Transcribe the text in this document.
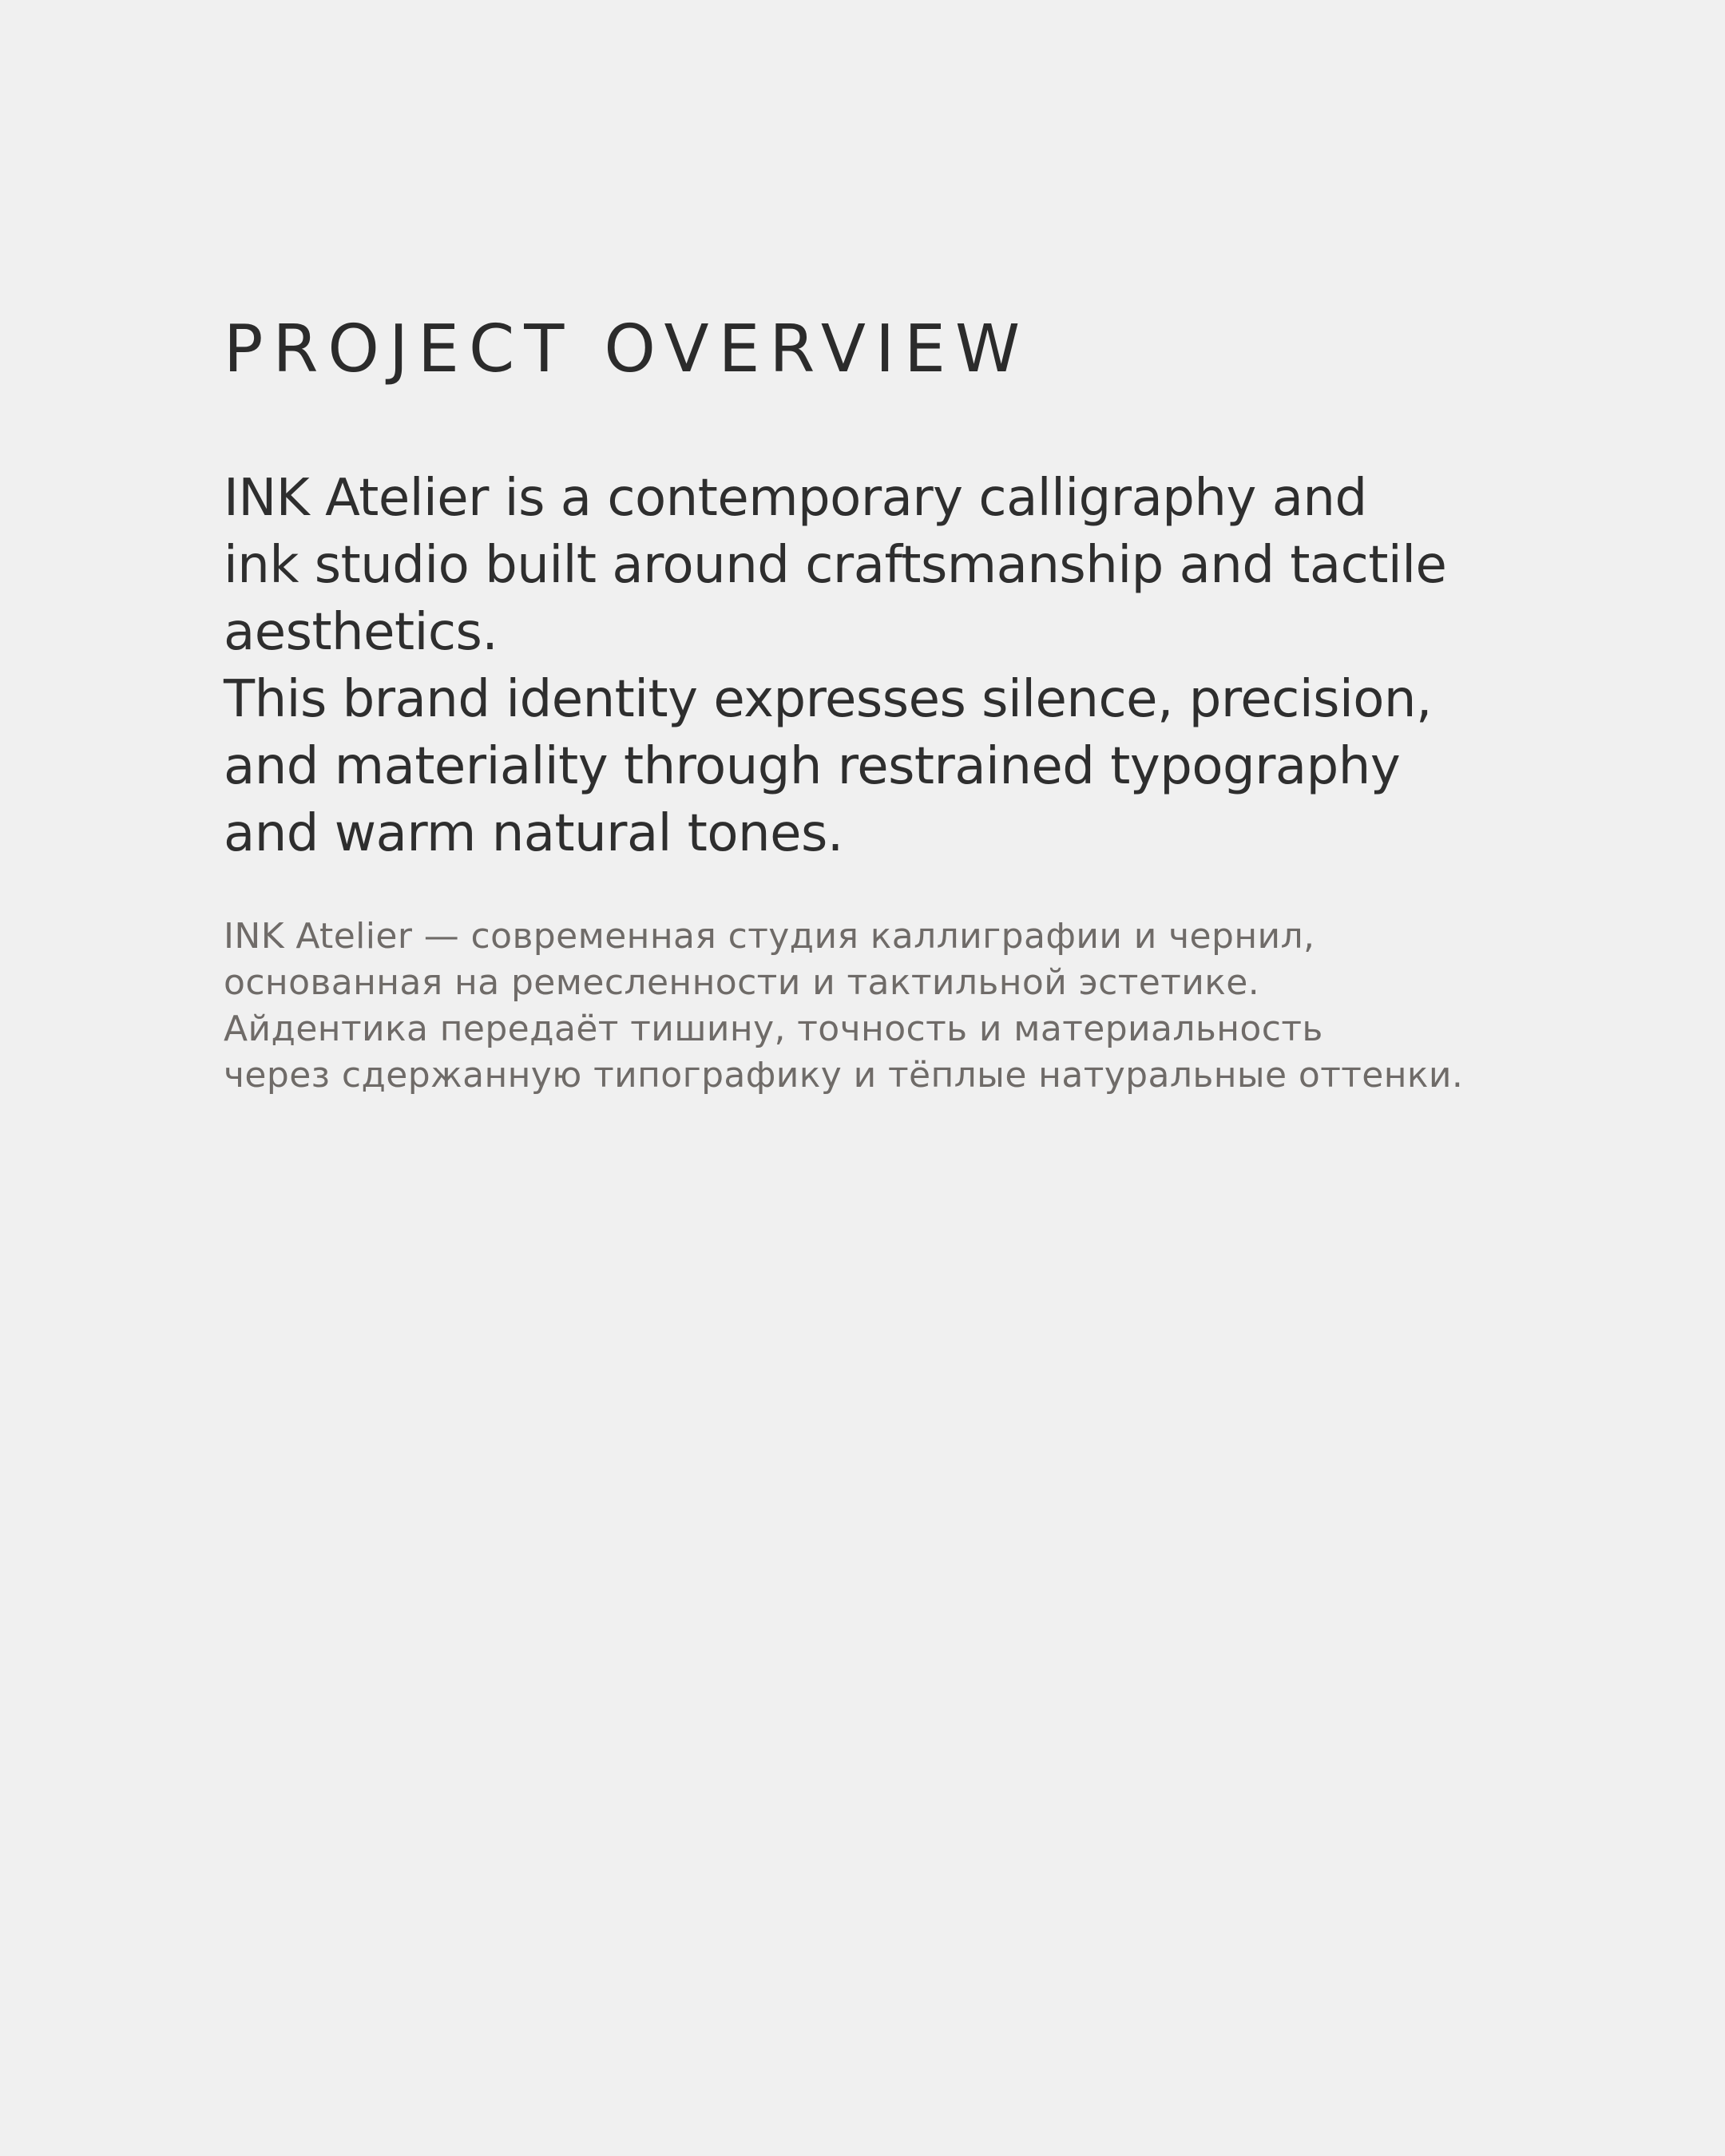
PROJECT OVERVIEW
INK Atelier is a contemporary calligraphy and
ink studio built around craftsmanship and tactile
aesthetics.
This brand identity expresses silence, precision,
and materiality through restrained typography
and warm natural tones.
INK Atelier — современная студия каллиграфии и чернил,
основанная на ремесленности и тактильной эстетике.
Айдентика передаёт тишину, точность и материальность
через сдержанную типографику и тёплые натуральные оттенки.
